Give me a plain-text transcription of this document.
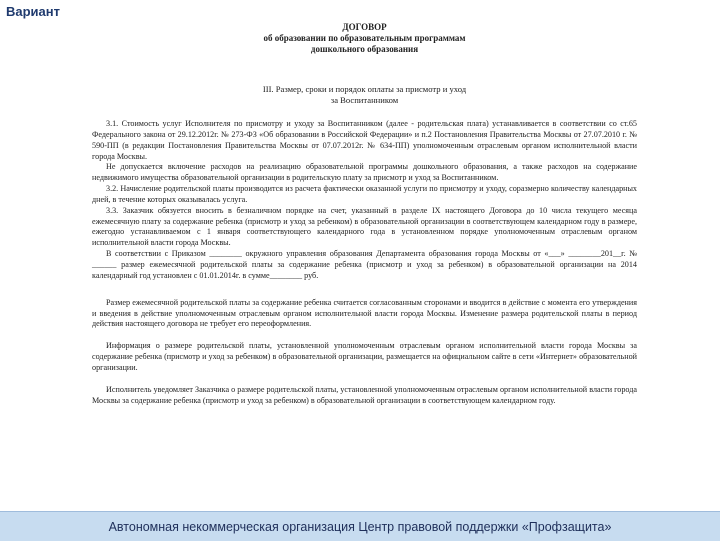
Вариант
ДОГОВОР
об образовании по образовательным программам
дошкольного образования
III. Размер, сроки и порядок оплаты за присмотр и уход
за Воспитанником

3.1. Стоимость услуг Исполнителя по присмотру и уходу за Воспитанником (далее - родительская плата) устанавливается в соответствии со ст.65 Федерального закона от 29.12.2012г. № 273-ФЗ «Об образовании в Российской Федерации» и п.2 Постановления Правительства Москвы от 27.07.2010 г. № 590-ПП (в редакции Постановления Правительства Москвы от 07.07.2012г. № 634-ПП) уполномоченным отраслевым органом исполнительной власти города Москвы.

Не допускается включение расходов на реализацию образовательной программы дошкольного образования, а также расходов на содержание недвижимого имущества образовательной организации в родительскую плату за присмотр и уход за Воспитанником.

3.2. Начисление родительской платы производится из расчета фактически оказанной услуги по присмотру и уходу, соразмерно количеству календарных дней, в течение которых оказывалась услуга.

3.3. Заказчик обязуется вносить в безналичном порядке на счет, указанный в разделе IX настоящего Договора до 10 числа текущего месяца ежемесячную плату за содержание ребенка (присмотр и уход за ребенком) в образовательной организации в соответствующем календарном году в размере, ежегодно устанавливаемом с 1 января соответствующего календарного года в установленном порядке уполномоченным отраслевым органом исполнительной власти города Москвы.

В соответствии с Приказом ________ окружного управления образования Департамента образования города Москвы от «___» ________201__г. № ______ размер ежемесячной родительской платы за содержание ребенка (присмотр и уход за ребенком) в образовательной организации на 2014 календарный год установлен с 01.01.2014г. в сумме________ руб.

Размер ежемесячной родительской платы за содержание ребенка считается согласованным сторонами и вводится в действие с момента его утверждения и введения в действие уполномоченным отраслевым органом исполнительной власти города Москвы. Изменение размера родительской платы в период действия настоящего договора не требует его переоформления.

Информация о размере родительской платы, установленной уполномоченным отраслевым органом исполнительной власти города Москвы за содержание ребенка (присмотр и уход за ребенком) в образовательной организации, размещается на официальном сайте в сети «Интернет» образовательной организации.

Исполнитель уведомляет Заказчика о размере родительской платы, установленной уполномоченным отраслевым органом исполнительной власти города Москвы за содержание ребенка (присмотр и уход за ребенком) в образовательной организации в соответствующем календарном году.

Автономная некоммерческая организация Центр правовой поддержки «Профзащита»
